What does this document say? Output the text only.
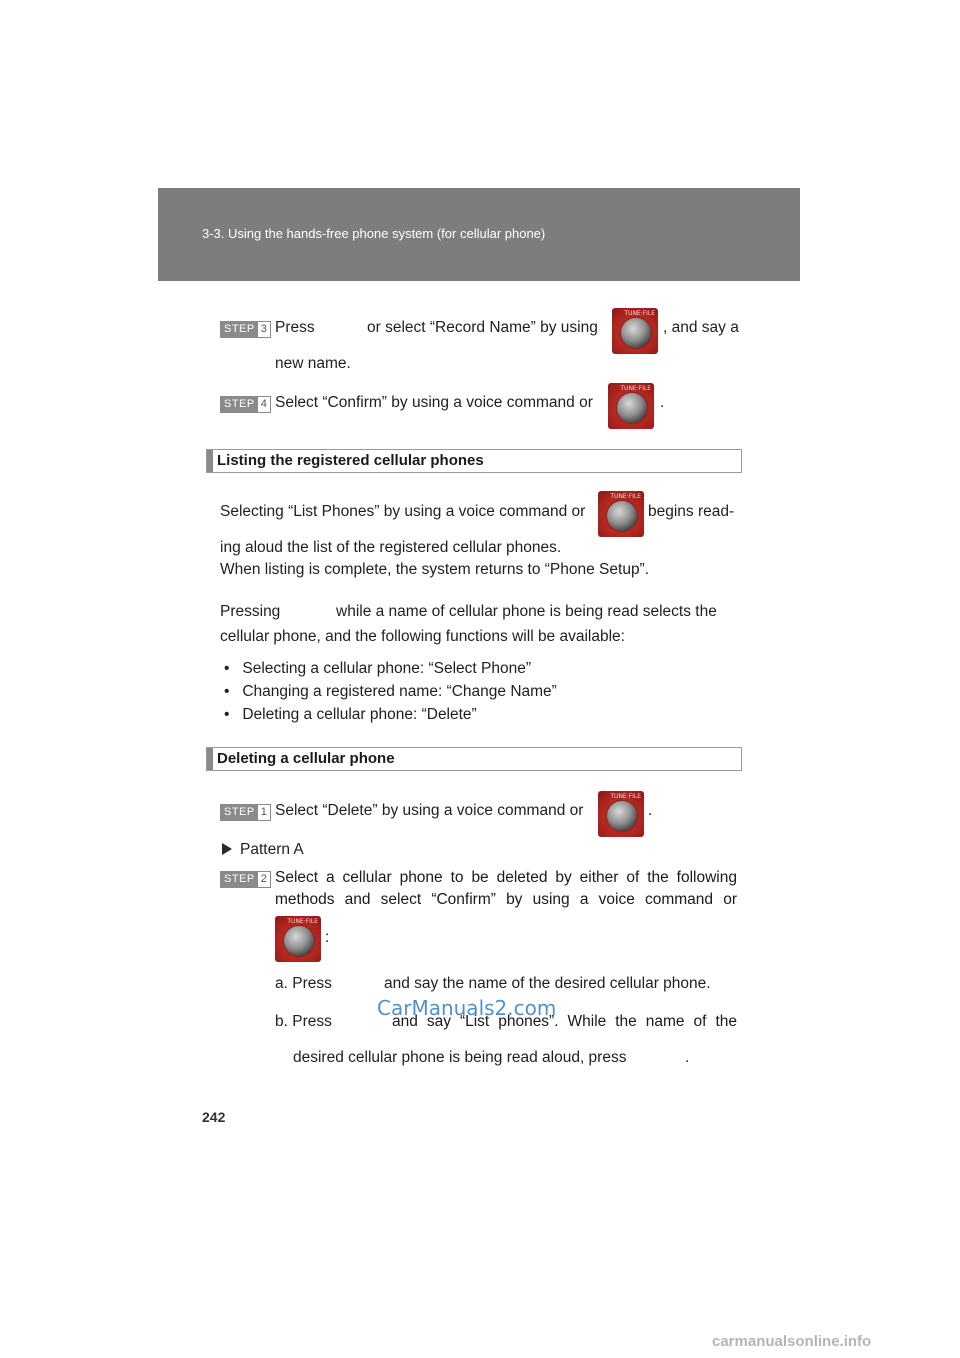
3-3. Using the hands-free phone system (for cellular phone)
STEP 3 Press	or select “Record Name” by using
TUNE·FILE
, and say a
new name.
STEP 4 Select “Confirm” by using a voice command or
TUNE·FILE
.
Listing the registered cellular phones
Selecting “List Phones” by using a voice command or
TUNE·FILE
begins read-
ing aloud the list of the registered cellular phones.
When listing is complete, the system returns to “Phone Setup”.
Pressing	while a name of cellular phone is being read selects the
cellular phone, and the following functions will be available:
•   Selecting a cellular phone: “Select Phone”
•   Changing a registered name: “Change Name”
•   Deleting a cellular phone: “Delete”
Deleting a cellular phone
STEP 1 Select “Delete” by using a voice command or
TUNE·FILE
.
Pattern A
STEP 2 Select a cellular phone to be deleted by either of the following
methods and select “Confirm” by using a voice command or
TUNE·FILE
:
a. Press	and say the name of the desired cellular phone.
b. Press	and say “List phones”. While the name of the
desired cellular phone is being read aloud, press	.
CarManuals2.com
242
carmanualsonline.info
